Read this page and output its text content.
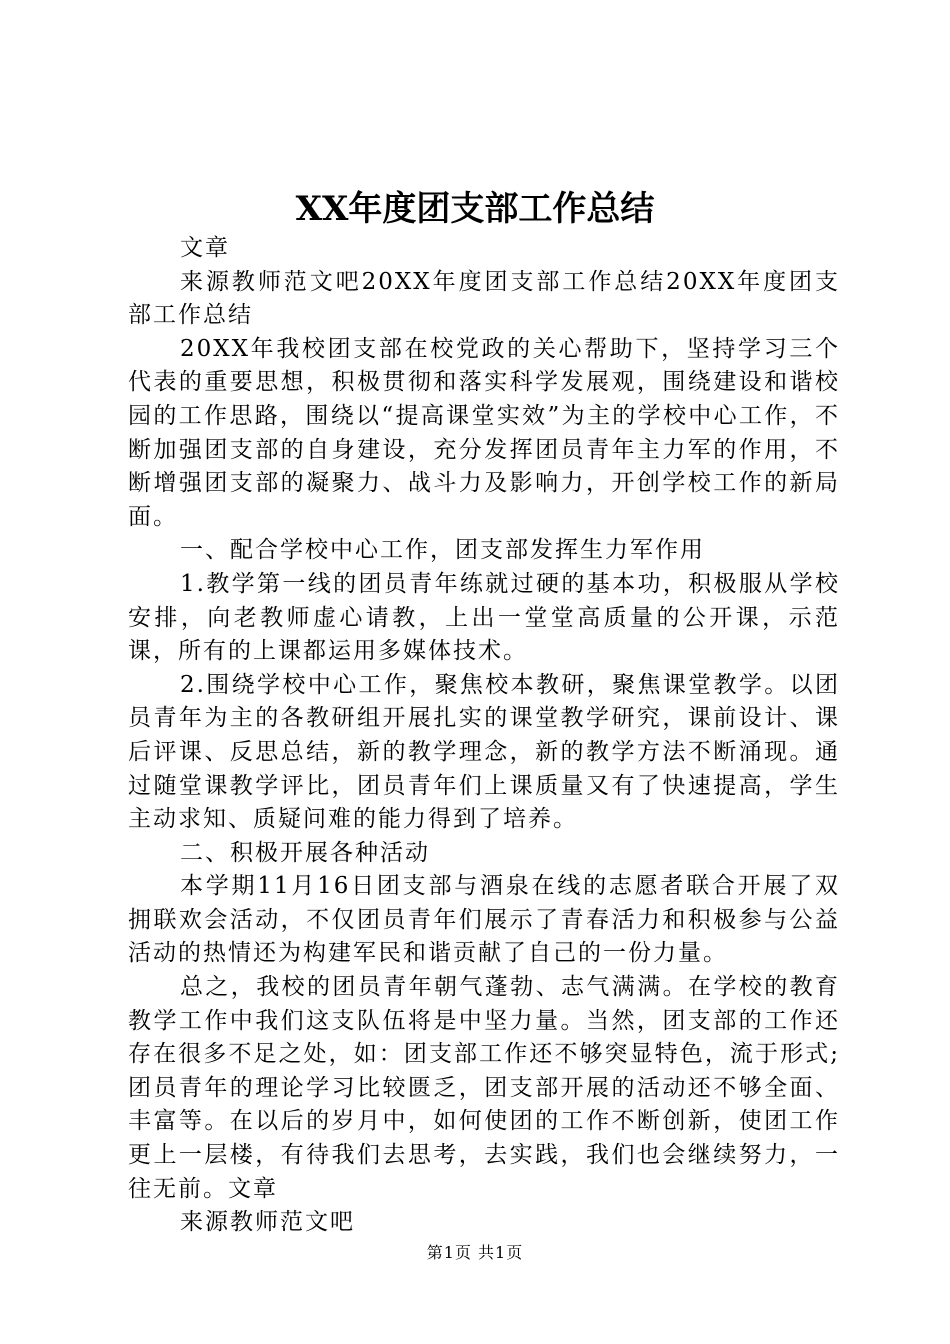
XX年度团支部工作总结

文章

来源教师范文吧20XX年度团支部工作总结20XX年度团支部工作总结

20XX年我校团支部在校党政的关心帮助下，坚持学习三个代表的重要思想，积极贯彻和落实科学发展观，围绕建设和谐校园的工作思路，围绕以“提高课堂实效”为主的学校中心工作，不断加强团支部的自身建设，充分发挥团员青年主力军的作用，不断增强团支部的凝聚力、战斗力及影响力，开创学校工作的新局面。

一、配合学校中心工作，团支部发挥生力军作用

1.教学第一线的团员青年练就过硬的基本功，积极服从学校安排，向老教师虚心请教，上出一堂堂高质量的公开课，示范课，所有的上课都运用多媒体技术。

2.围绕学校中心工作，聚焦校本教研，聚焦课堂教学。以团员青年为主的各教研组开展扎实的课堂教学研究，课前设计、课后评课、反思总结，新的教学理念，新的教学方法不断涌现。通过随堂课教学评比，团员青年们上课质量又有了快速提高，学生主动求知、质疑问难的能力得到了培养。

二、积极开展各种活动

本学期11月16日团支部与酒泉在线的志愿者联合开展了双拥联欢会活动，不仅团员青年们展示了青春活力和积极参与公益活动的热情还为构建军民和谐贡献了自己的一份力量。

总之，我校的团员青年朝气蓬勃、志气满满。在学校的教育教学工作中我们这支队伍将是中坚力量。当然，团支部的工作还存在很多不足之处，如：团支部工作还不够突显特色，流于形式;团员青年的理论学习比较匮乏，团支部开展的活动还不够全面、丰富等。在以后的岁月中，如何使团的工作不断创新，使团工作更上一层楼，有待我们去思考，去实践，我们也会继续努力，一往无前。文章

来源教师范文吧

第1页 共1页
